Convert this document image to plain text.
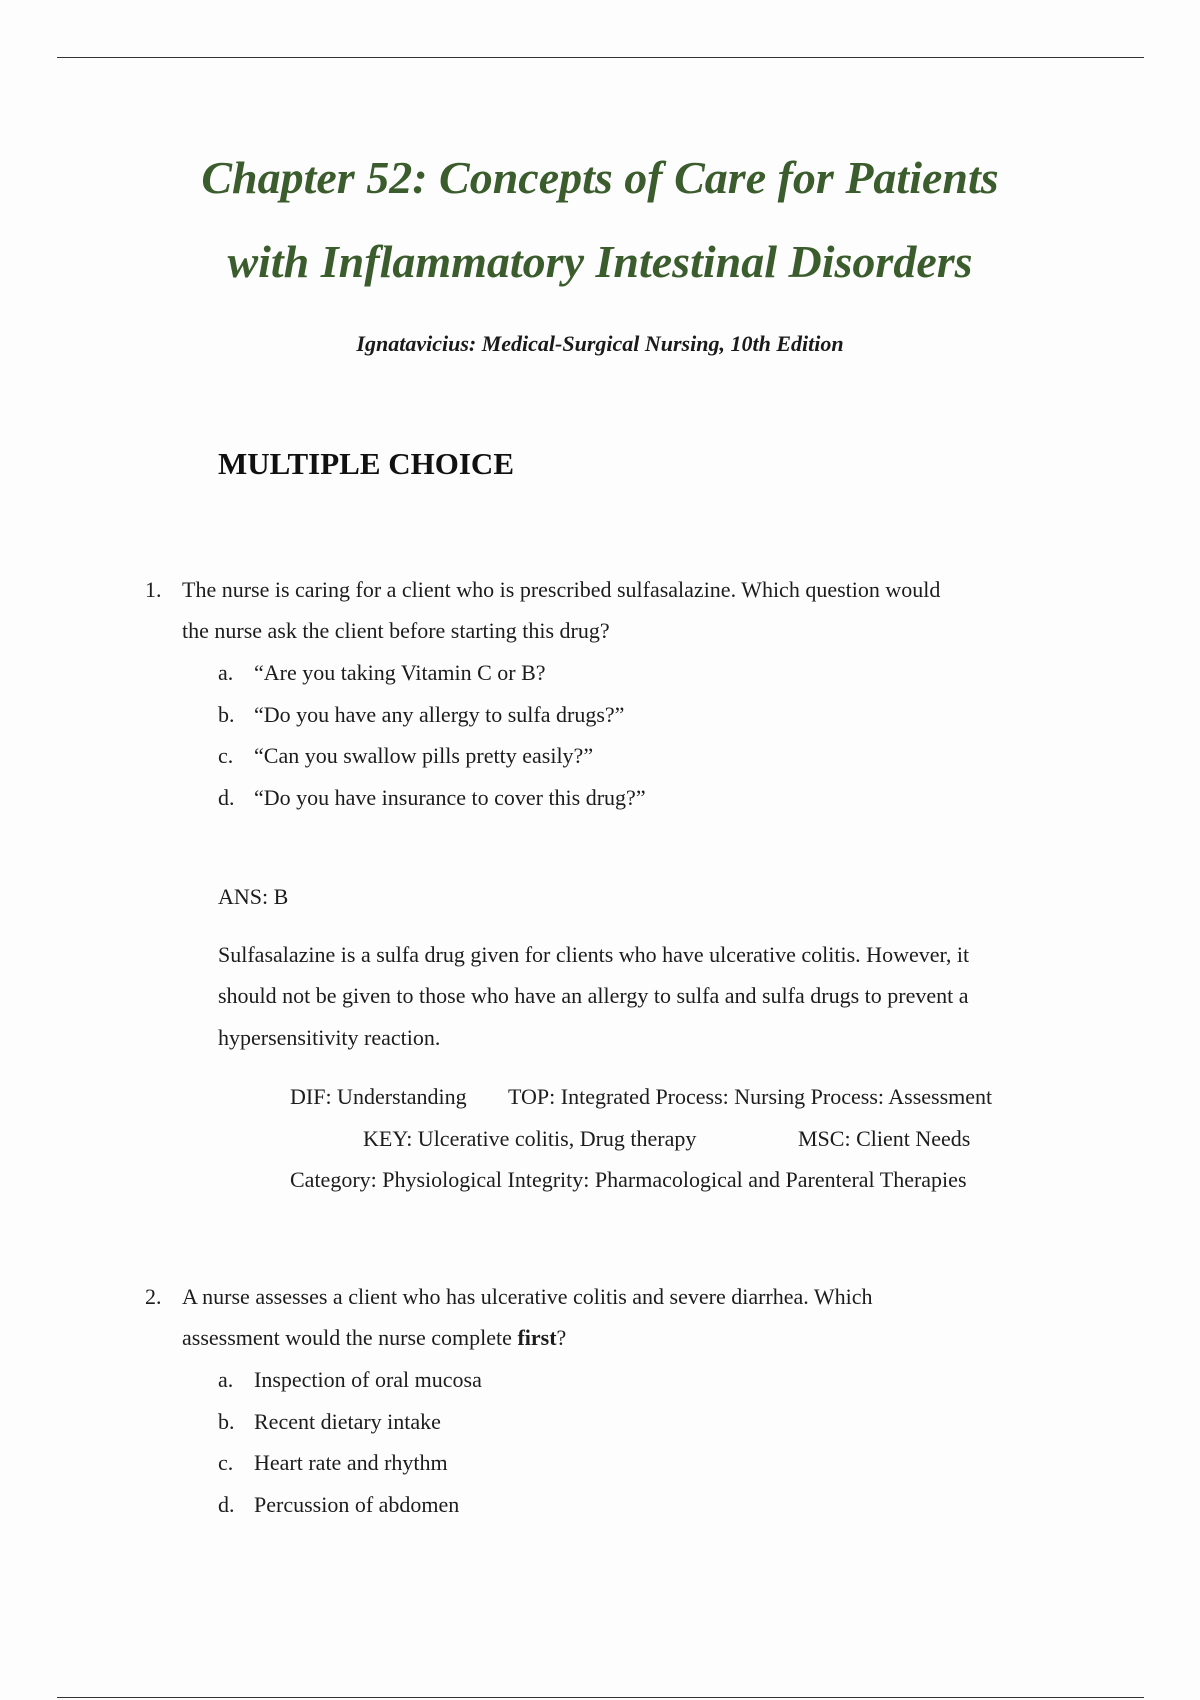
Chapter 52: Concepts of Care for Patients
with Inflammatory Intestinal Disorders
Ignatavicius: Medical-Surgical Nursing, 10th Edition
MULTIPLE CHOICE
1. The nurse is caring for a client who is prescribed sulfasalazine. Which question would
the nurse ask the client before starting this drug?
a. “Are you taking Vitamin C or B?
b. “Do you have any allergy to sulfa drugs?”
c. “Can you swallow pills pretty easily?”
d. “Do you have insurance to cover this drug?”
ANS: B
Sulfasalazine is a sulfa drug given for clients who have ulcerative colitis. However, it
should not be given to those who have an allergy to sulfa and sulfa drugs to prevent a
hypersensitivity reaction.
DIF: Understanding TOP: Integrated Process: Nursing Process: Assessment
KEY: Ulcerative colitis, Drug therapy	MSC: Client Needs
Category: Physiological Integrity: Pharmacological and Parenteral Therapies
2. A nurse assesses a client who has ulcerative colitis and severe diarrhea. Which
assessment would the nurse complete first?
a. Inspection of oral mucosa
b. Recent dietary intake
c. Heart rate and rhythm
d. Percussion of abdomen
